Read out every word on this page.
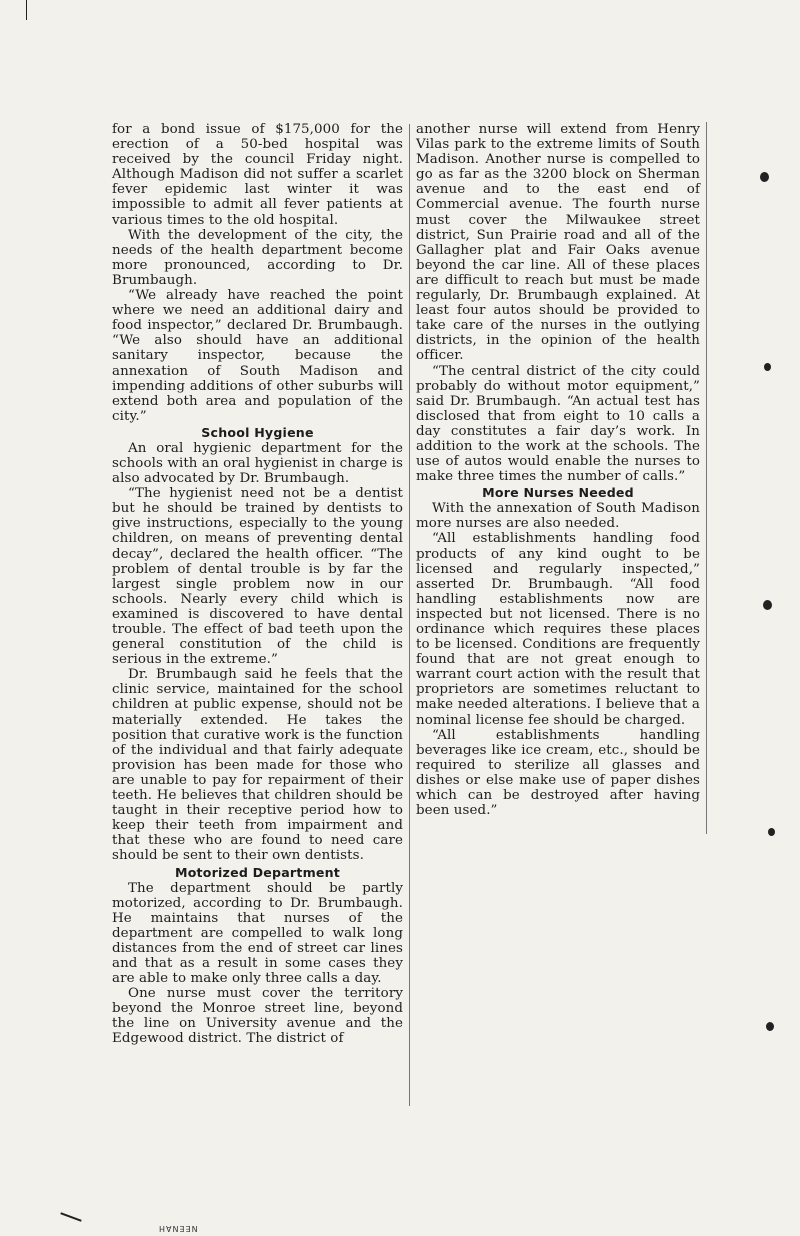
for a bond issue of $175,000 for the erection of a 50-bed hospital was received by the council Friday night. Although Madison did not suffer a scarlet fever epidemic last winter it was impossible to admit all fever patients at various times to the old hospital.

With the development of the city, the needs of the health department become more pronounced, according to Dr. Brumbaugh.

“We already have reached the point where we need an additional dairy and food inspector,” declared Dr. Brumbaugh. “We also should have an additional sanitary inspector, because the annexation of South Madison and impending additions of other suburbs will extend both area and population of the city.”

School Hygiene

An oral hygienic department for the schools with an oral hygienist in charge is also advocated by Dr. Brumbaugh.

“The hygienist need not be a dentist but he should be trained by dentists to give instructions, especially to the young children, on means of preventing dental decay”, declared the health officer. “The problem of dental trouble is by far the largest single problem now in our schools. Nearly every child which is examined is discovered to have dental trouble. The effect of bad teeth upon the general constitution of the child is serious in the extreme.”

Dr. Brumbaugh said he feels that the clinic service, maintained for the school children at public expense, should not be materially extended. He takes the position that curative work is the function of the individual and that fairly adequate provision has been made for those who are unable to pay for repairment of their teeth. He believes that children should be taught in their receptive period how to keep their teeth from impairment and that these who are found to need care should be sent to their own dentists.

Motorized Department

The department should be partly motorized, according to Dr. Brumbaugh. He maintains that nurses of the department are compelled to walk long distances from the end of street car lines and that as a result in some cases they are able to make only three calls a day.

One nurse must cover the territory beyond the Monroe street line, beyond the line on University avenue and the Edgewood district. The district of

another nurse will extend from Henry Vilas park to the extreme limits of South Madison. Another nurse is compelled to go as far as the 3200 block on Sherman avenue and to the east end of Commercial avenue. The fourth nurse must cover the Milwaukee street district, Sun Prairie road and all of the Gallagher plat and Fair Oaks avenue beyond the car line. All of these places are difficult to reach but must be made regularly, Dr. Brumbaugh explained. At least four autos should be provided to take care of the nurses in the outlying districts, in the opinion of the health officer.

“The central district of the city could probably do without motor equipment,” said Dr. Brumbaugh. “An actual test has disclosed that from eight to 10 calls a day constitutes a fair day’s work. In addition to the work at the schools. The use of autos would enable the nurses to make three times the number of calls.”

More Nurses Needed

With the annexation of South Madison more nurses are also needed.

“All establishments handling food products of any kind ought to be licensed and regularly inspected,” asserted Dr. Brumbaugh. “All food handling establishments now are inspected but not licensed. There is no ordinance which requires these places to be licensed. Conditions are frequently found that are not great enough to warrant court action with the result that proprietors are sometimes reluctant to make needed alterations. I believe that a nominal license fee should be charged.

“All establishments handling beverages like ice cream, etc., should be required to sterilize all glasses and dishes or else make use of paper dishes which can be destroyed after having been used.”

NEENAH
